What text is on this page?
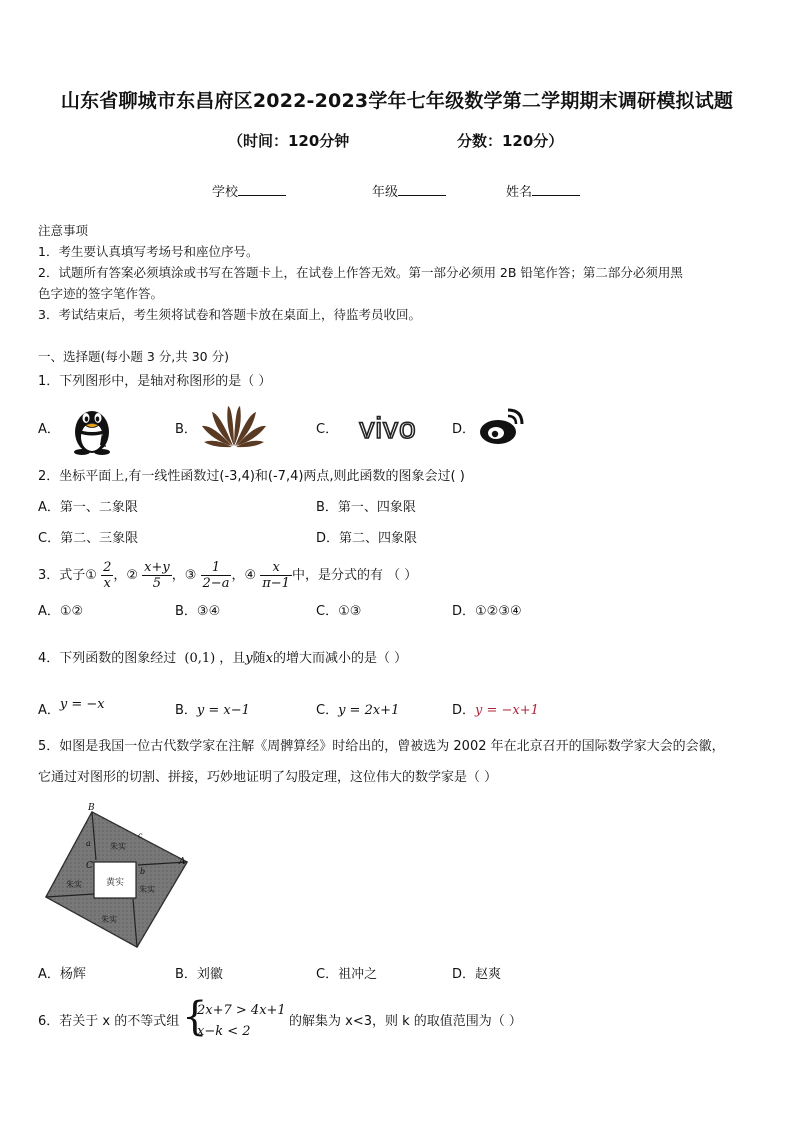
山东省聊城市东昌府区2022-2023学年七年级数学第二学期期末调研模拟试题
（时间：120分钟	分数：120分）
学校	年级	姓名
注意事项
1．考生要认真填写考场号和座位序号。
2．试题所有答案必须填涂或书写在答题卡上，在试卷上作答无效。第一部分必须用 2B 铅笔作答；第二部分必须用黑
色字迹的签字笔作答。
3．考试结束后，考生须将试卷和答题卡放在桌面上，待监考员收回。
一、选择题(每小题 3 分,共 30 分)
1．下列图形中，是轴对称图形的是（ ）
A．	B．	C． vivo	D．
2．坐标平面上,有一线性函数过(-3,4)和(-7,4)两点,则此函数的图象会过( )
A．第一、二象限	B．第一、四象限
C．第二、三象限	D．第二、四象限
3．式子① $\frac{2}{x}$ ，② $\frac{x+y}{5}$ ，③ $\frac{1}{2-a}$ ，④ $\frac{x}{\pi-1}$ 中，是分式的有 （ ）
A．①②	B．③④	C．①③	D．①②③④
4．下列函数的图象经过 (0,1) ，且y随x的增大而减小的是（ ）
A．y = −x	B．y = x−1	C．y = 2x+1	D．y = −x+1
5．如图是我国一位古代数学家在注解《周髀算经》时给出的，曾被选为 2002 年在北京召开的国际数学家大会的会徽，
它通过对图形的切割、拼接，巧妙地证明了勾股定理，这位伟大的数学家是（ ）
黄实
朱实
朱实
朱实
朱实
B
A
C
a
b
c
A．杨辉	B．刘徽	C．祖冲之	D．赵爽
6．若关于 x 的不等式组 {
2x+7 > 4x+1
x−k < 2
的解集为 x<3，则 k 的取值范围为（ ）
